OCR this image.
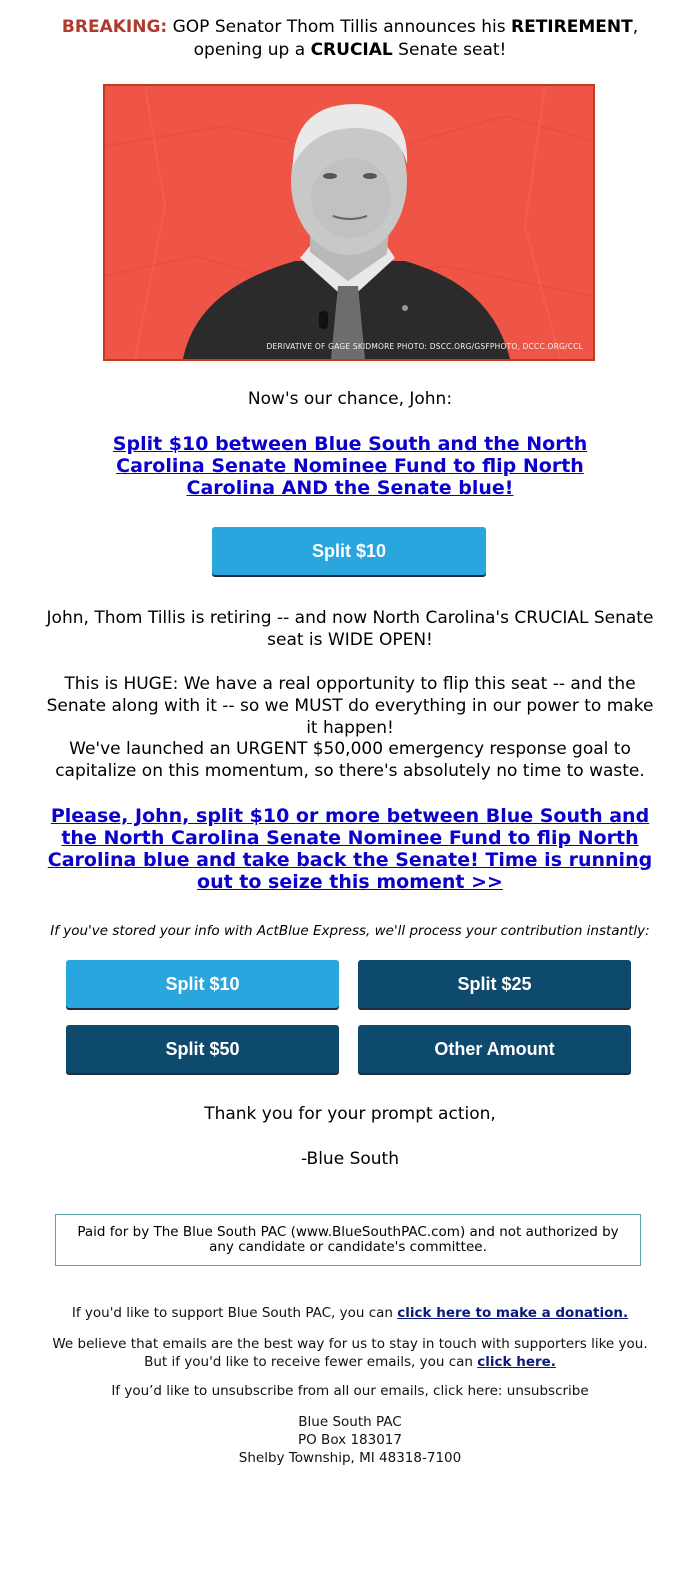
BREAKING: GOP Senator Thom Tillis announces his RETIREMENT,
opening up a CRUCIAL Senate seat!
DERIVATIVE OF GAGE SKIDMORE PHOTO: DSCC.ORG/GSFPHOTO, DCCC.ORG/CCL
Now's our chance, John:
Split $10 between Blue South and the North Carolina Senate Nominee Fund to flip North Carolina AND the Senate blue!
Split $10
John, Thom Tillis is retiring -- and now North Carolina's CRUCIAL Senate seat is WIDE OPEN!
This is HUGE: We have a real opportunity to flip this seat -- and the Senate along with it -- so we MUST do everything in our power to make it happen!
We've launched an URGENT $50,000 emergency response goal to capitalize on this momentum, so there's absolutely no time to waste.
Please, John, split $10 or more between Blue South and the North Carolina Senate Nominee Fund to flip North Carolina blue and take back the Senate! Time is running out to seize this moment >>
If you've stored your info with ActBlue Express, we'll process your contribution instantly:
Split $10	Split $25
Split $50	Other Amount
Thank you for your prompt action,
-Blue South
Paid for by The Blue South PAC (www.BlueSouthPAC.com) and not authorized by any candidate or candidate's committee.
If you'd like to support Blue South PAC, you can click here to make a donation.
We believe that emails are the best way for us to stay in touch with supporters like you. But if you'd like to receive fewer emails, you can click here.
If you’d like to unsubscribe from all our emails, click here: unsubscribe
Blue South PAC
PO Box 183017
Shelby Township, MI 48318-7100
